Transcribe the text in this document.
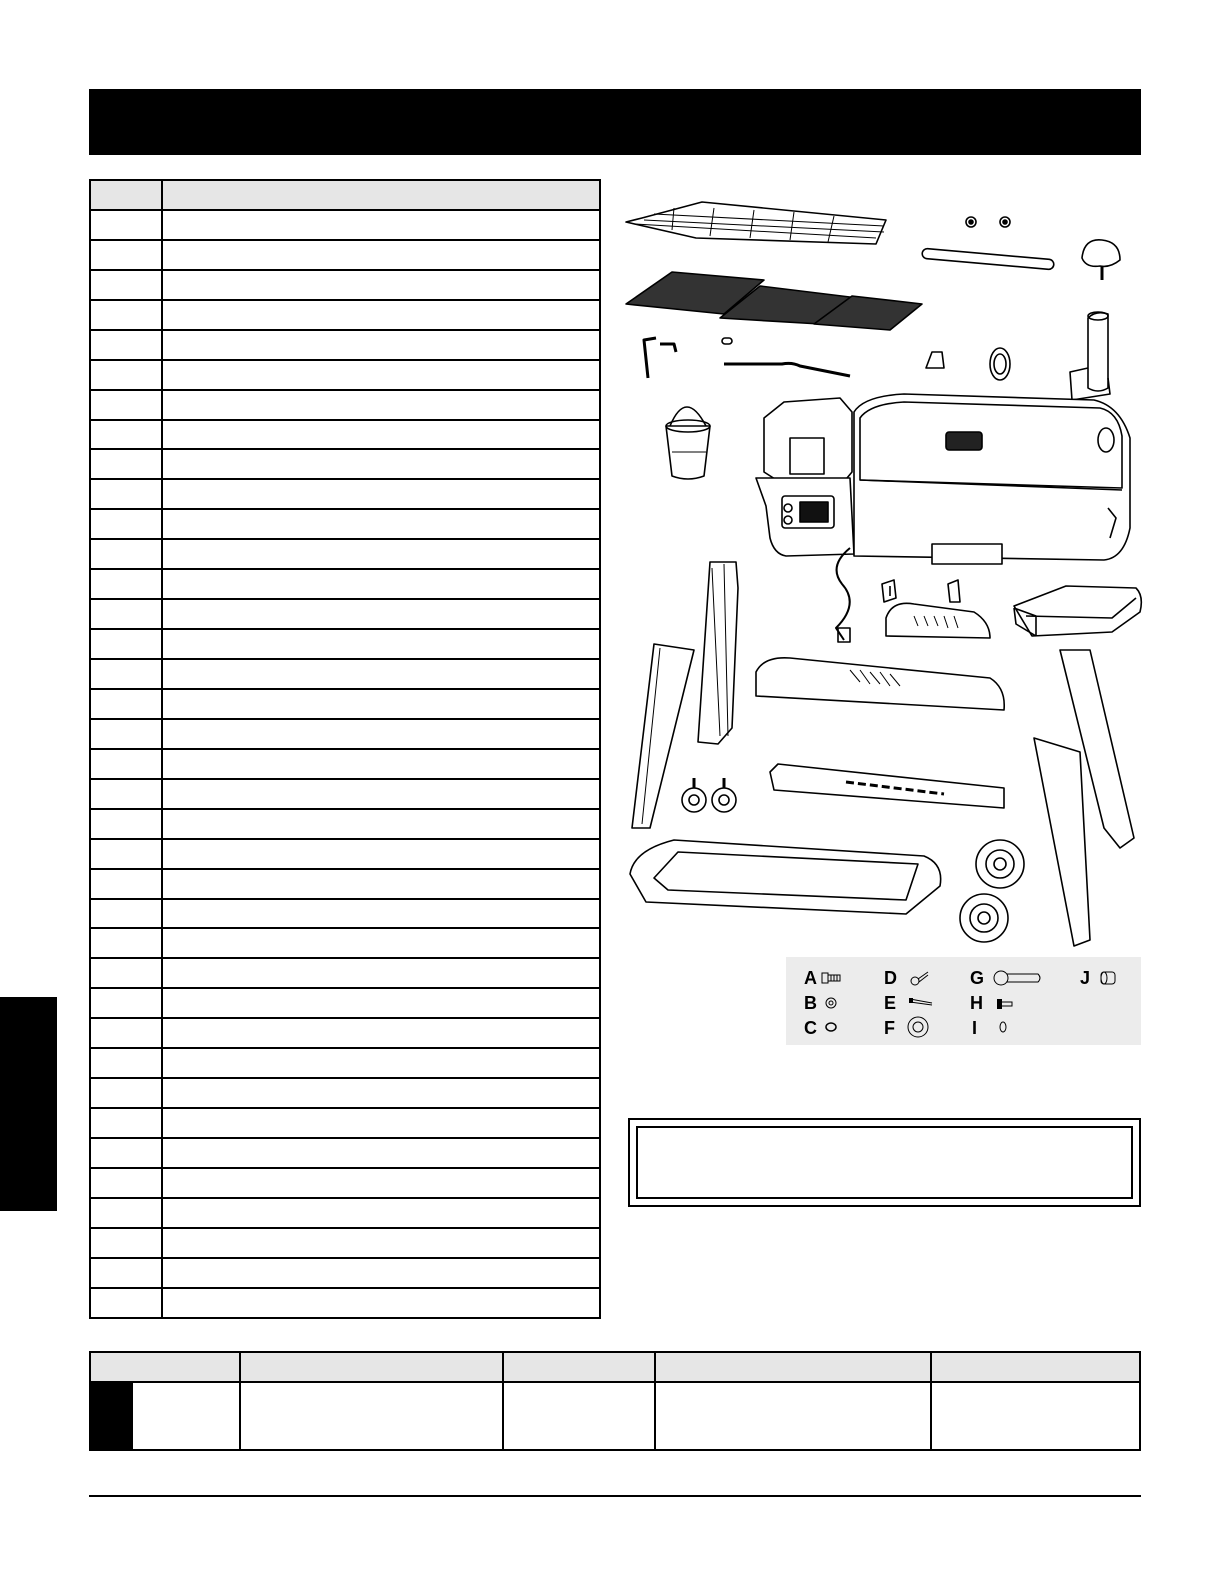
A
B
C
D
E
F
G
H
I
J
